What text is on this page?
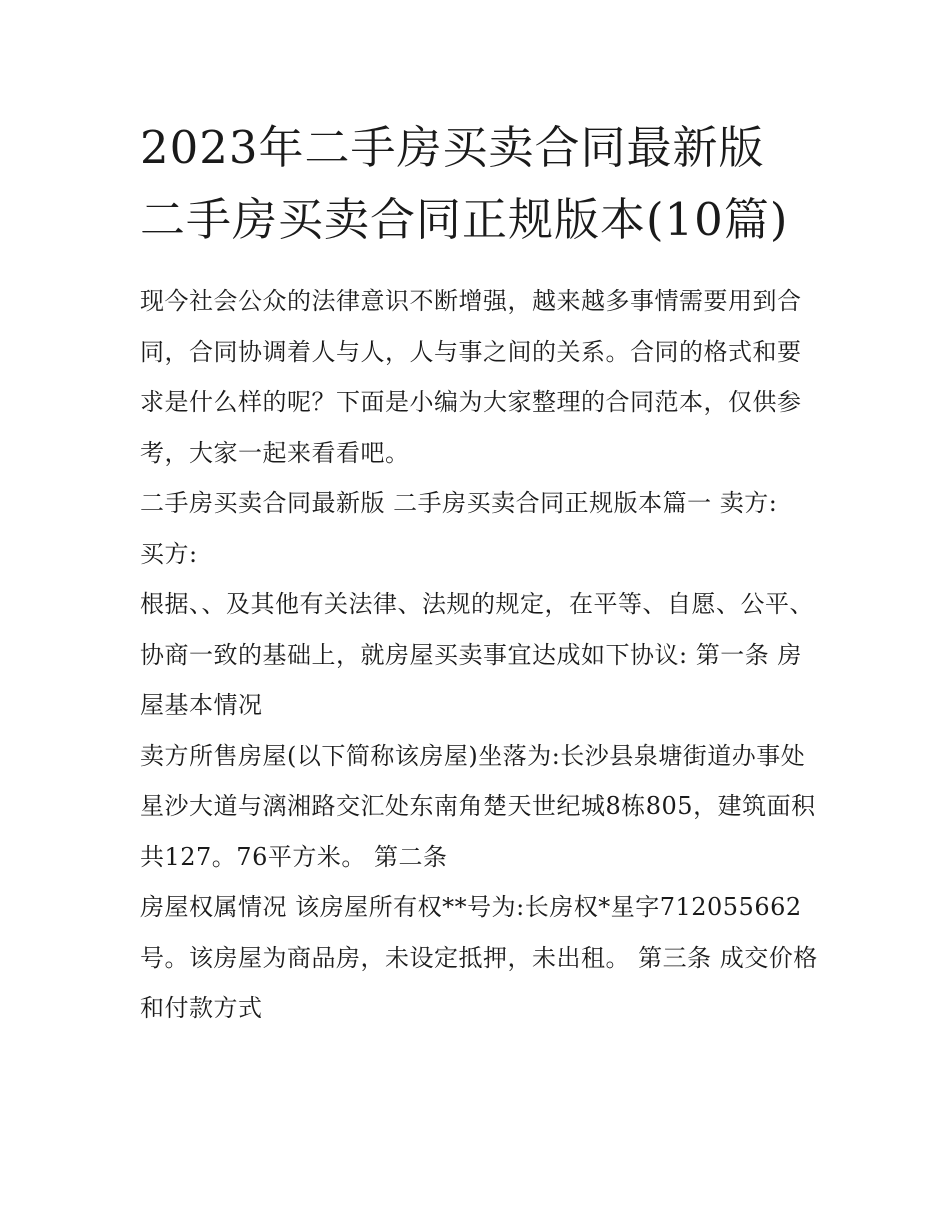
2023年二手房买卖合同最新版 二手房买卖合同正规版本(10篇)

现今社会公众的法律意识不断增强，越来越多事情需要用到合同，合同协调着人与人，人与事之间的关系。合同的格式和要求是什么样的呢？下面是小编为大家整理的合同范本，仅供参考，大家一起来看看吧。

二手房买卖合同最新版 二手房买卖合同正规版本篇一 卖方:

买方:

根据、、及其他有关法律、法规的规定，在平等、自愿、公平、协商一致的基础上，就房屋买卖事宜达成如下协议: 第一条 房屋基本情况

卖方所售房屋(以下简称该房屋)坐落为:长沙县泉塘街道办事处星沙大道与漓湘路交汇处东南角楚天世纪城8栋805，建筑面积共127。76平方米。 第二条

房屋权属情况 该房屋所有权**号为:长房权*星字712055662号。该房屋为商品房，未设定抵押，未出租。 第三条 成交价格和付款方式
